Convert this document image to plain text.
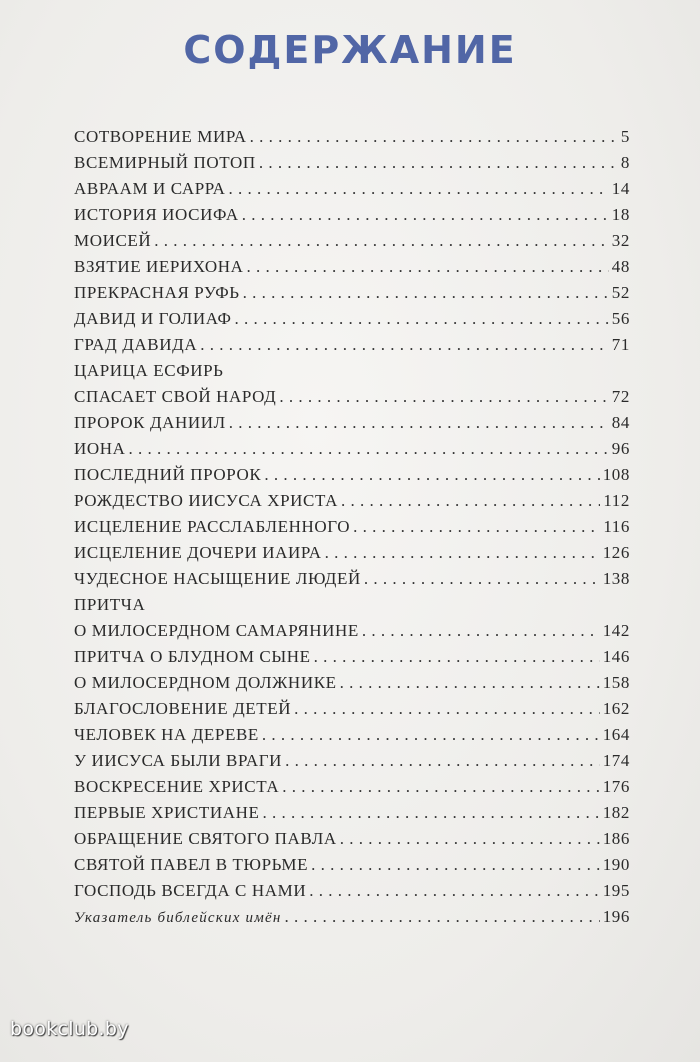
СОДЕРЖАНИЕ
СОТВОРЕНИЕ МИРА . . .	5
ВСЕМИРНЫЙ ПОТОП . . .	8
АВРААМ И САРРА . . .	14
ИСТОРИЯ ИОСИФА . . .	18
МОИСЕЙ . . .	32
ВЗЯТИЕ ИЕРИХОНА . . .	48
ПРЕКРАСНАЯ РУФЬ . . .	52
ДАВИД И ГОЛИАФ . . .	56
ГРАД ДАВИДА . . .	71
ЦАРИЦА ЕСФИРЬ
СПАСАЕТ СВОЙ НАРОД . . .	72
ПРОРОК ДАНИИЛ . . .	84
ИОНА . . .	96
ПОСЛЕДНИЙ ПРОРОК . . .	108
РОЖДЕСТВО ИИСУСА ХРИСТА . . .	112
ИСЦЕЛЕНИЕ РАССЛАБЛЕННОГО . . .	116
ИСЦЕЛЕНИЕ ДОЧЕРИ ИАИРА . . .	126
ЧУДЕСНОЕ НАСЫЩЕНИЕ ЛЮДЕЙ . . .	138
ПРИТЧА
О МИЛОСЕРДНОМ САМАРЯНИНЕ . . .	142
ПРИТЧА О БЛУДНОМ СЫНЕ . . .	146
О МИЛОСЕРДНОМ ДОЛЖНИКЕ . . .	158
БЛАГОСЛОВЕНИЕ ДЕТЕЙ . . .	162
ЧЕЛОВЕК НА ДЕРЕВЕ . . .	164
У ИИСУСА БЫЛИ ВРАГИ . . .	174
ВОСКРЕСЕНИЕ ХРИСТА . . .	176
ПЕРВЫЕ ХРИСТИАНЕ . . .	182
ОБРАЩЕНИЕ СВЯТОГО ПАВЛА . . .	186
СВЯТОЙ ПАВЕЛ В ТЮРЬМЕ . . .	190
ГОСПОДЬ ВСЕГДА С НАМИ . . .	195
Указатель библейских имён . . .	196
bookclub.by
